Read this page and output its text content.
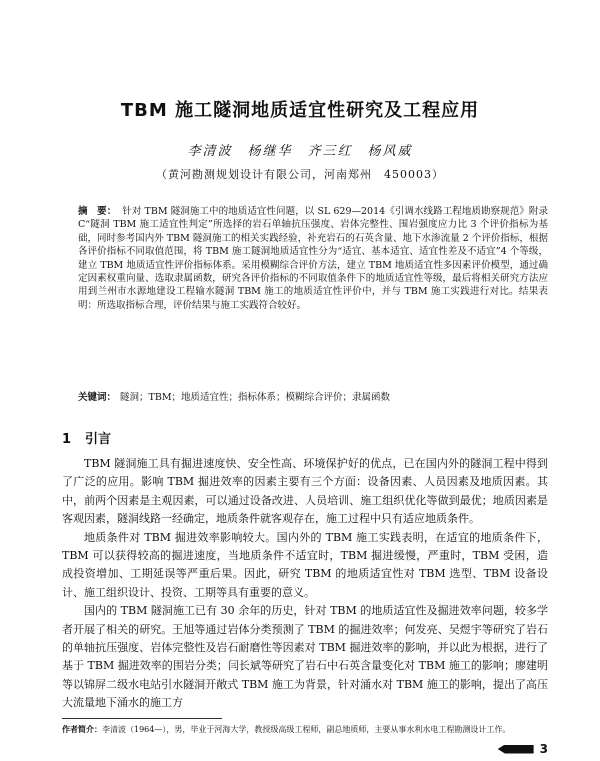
TBM 施工隧洞地质适宜性研究及工程应用
李清波　杨继华　齐三红　杨风威
（黄河勘测规划设计有限公司，河南郑州　450003）
摘　要： 针对 TBM 隧洞施工中的地质适宜性问题，以 SL 629—2014《引调水线路工程地质勘察规范》附录 C“隧洞 TBM 施工适宜性判定”所选择的岩石单轴抗压强度、岩体完整性、围岩强度应力比 3 个评价指标为基础，同时参考国内外 TBM 隧洞施工的相关实践经验，补充岩石的石英含量、地下水渗流量 2 个评价指标，根据各评价指标不同取值范围，将 TBM 施工隧洞地质适宜性分为“适宜、基本适宜、适宜性差及不适宜”4 个等级，建立 TBM 地质适宜性评价指标体系。采用模糊综合评价方法，建立 TBM 地质适宜性多因素评价模型，通过确定因素权重向量、选取隶属函数，研究各评价指标的不同取值条件下的地质适宜性等级，最后将相关研究方法应用到兰州市水源地建设工程输水隧洞 TBM 施工的地质适宜性评价中，并与 TBM 施工实践进行对比。结果表明：所选取指标合理，评价结果与施工实践符合较好。
关键词： 隧洞；TBM；地质适宜性；指标体系；模糊综合评价；隶属函数
1 引言

TBM 隧洞施工具有掘进速度快、安全性高、环境保护好的优点，已在国内外的隧洞工程中得到了广泛的应用。影响 TBM 掘进效率的因素主要有三个方面：设备因素、人员因素及地质因素。其中，前两个因素是主观因素，可以通过设备改进、人员培训、施工组织优化等做到最优；地质因素是客观因素，隧洞线路一经确定，地质条件就客观存在，施工过程中只有适应地质条件。

地质条件对 TBM 掘进效率影响较大。国内外的 TBM 施工实践表明，在适宜的地质条件下，TBM 可以获得较高的掘进速度，当地质条件不适宜时，TBM 掘进缓慢，严重时，TBM 受困，造成投资增加、工期延误等严重后果。因此，研究 TBM 的地质适宜性对 TBM 选型、TBM 设备设计、施工组织设计、投资、工期等具有重要的意义。

国内的 TBM 隧洞施工已有 30 余年的历史，针对 TBM 的地质适宜性及掘进效率问题，较多学者开展了相关的研究。王旭等通过岩体分类预测了 TBM 的掘进效率；何发亮、吴煜宇等研究了岩石的单轴抗压强度、岩体完整性及岩石耐磨性等因素对 TBM 掘进效率的影响，并以此为根据，进行了基于 TBM 掘进效率的围岩分类；闫长斌等研究了岩石中石英含量变化对 TBM 施工的影响；廖建明等以锦屏二级水电站引水隧洞开敞式 TBM 施工为背景，针对涌水对 TBM 施工的影响，提出了高压大流量地下涌水的施工方

作者简介：李清波（1964—），男，毕业于河海大学，教授级高级工程师，副总地质师，主要从事水利水电工程勘测设计工作。
3
